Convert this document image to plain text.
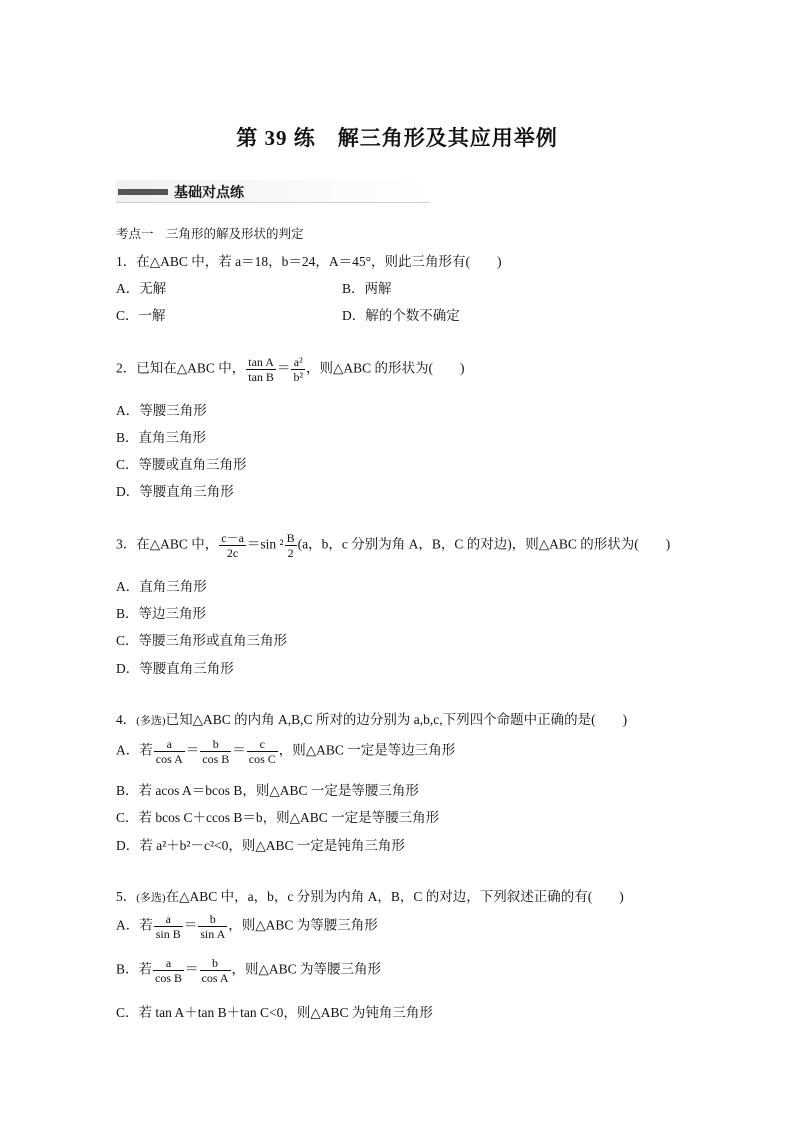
第 39 练　解三角形及其应用举例
基础对点练
考点一　三角形的解及形状的判定
1．在△ABC 中，若 a＝18，b＝24，A＝45°，则此三角形有(　　)
A．无解	B．两解
C．一解	D．解的个数不确定
2．已知在△ABC 中， $\frac{\text{tan A}}{\text{tan B}} = \frac{\text{a²}}{\text{b²}}$ ，则△ABC 的形状为(　　)
A．等腰三角形
B．直角三角形
C．等腰或直角三角形
D．等腰直角三角形
3．在△ABC 中， $\frac{c-a}{2c} =\sin$ $^2 \frac{B}{2} (a$，b，c 分别为角 A，B，C 的对边)，则△ABC 的形状为(　　)
A．直角三角形
B．等边三角形
C．等腰三角形或直角三角形
D．等腰直角三角形
4．(多选)已知△ABC 的内角 A,B,C 所对的边分别为 a,b,c,下列四个命题中正确的是(　　)
A．若 $\frac{a}{\text{cos A}} = \frac{b}{\text{cos B}} = \frac{c}{\text{cos C}}$ ，则△ABC 一定是等边三角形
B．若 acos A＝bcos B，则△ABC 一定是等腰三角形
C．若 bcos C＋ccos B＝b，则△ABC 一定是等腰三角形
D．若 a²＋b²－c²<0，则△ABC 一定是钝角三角形
5．(多选)在△ABC 中，a，b，c 分别为内角 A，B，C 的对边，下列叙述正确的有(　　)
A．若 $\frac{a}{\text{sin B}} = \frac{b}{\text{sin A}}$ ，则△ABC 为等腰三角形
B．若 $\frac{a}{\text{cos B}} = \frac{b}{\text{cos A}}$ ，则△ABC 为等腰三角形
C．若 tan A＋tan B＋tan C<0，则△ABC 为钝角三角形
